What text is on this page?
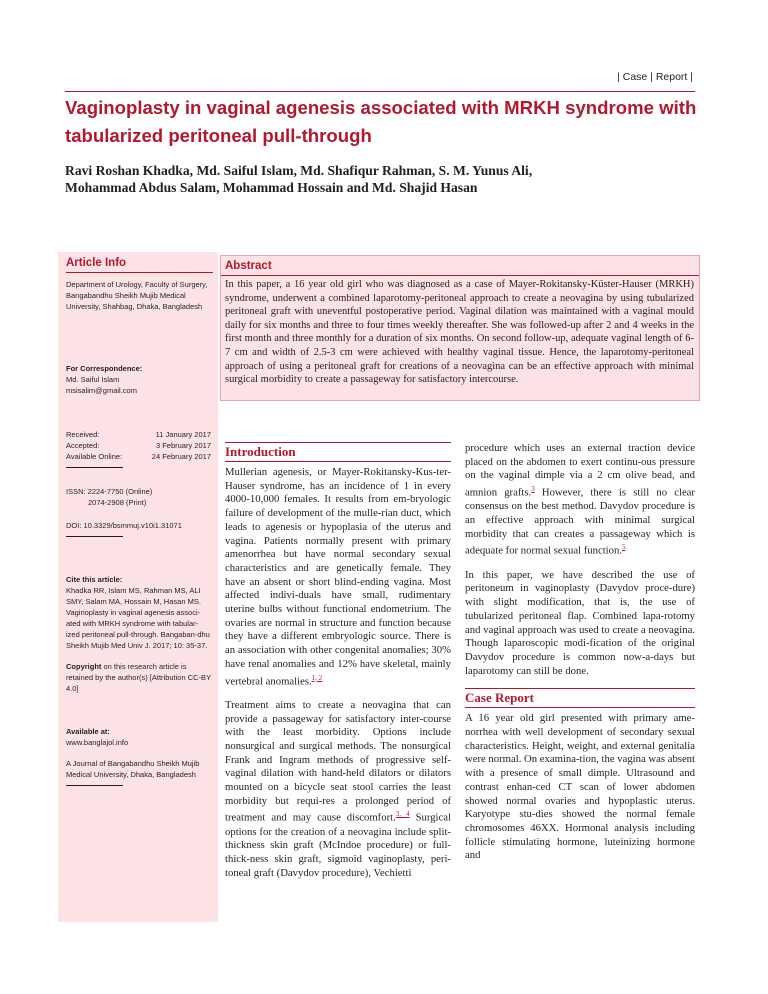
| Case | Report |
Vaginoplasty in vaginal agenesis associated with MRKH syndrome with tabularized peritoneal pull-through
Ravi Roshan Khadka, Md. Saiful Islam, Md. Shafiqur Rahman, S. M. Yunus Ali,
Mohammad Abdus Salam, Mohammad Hossain and Md. Shajid Hasan
Article Info

Department of Urology, Faculty of Surgery, Bangabandhu Sheikh Mujib Medical University, Shahbag, Dhaka, Bangladesh

For Correspondence:

Md. Saiful Islam

msisalim@gmail.com

Received:	11 January 2017
Accepted:	3 February 2017
Available Online:	24 February 2017

ISSN: 2224-7750 (Online)

2074-2908 (Print)

DOI: 10.3329/bsmmuj.v10i1.31071

Cite this article:

Khadka RR, Islam MS, Rahman MS, ALI SMY, Salam MA, Hossain M, Hasan MS. Vaginoplasty in vaginal agenesis associ-ated with MRKH syndrome with tabular-ized peritoneal pull-through. Bangaban-dhu Sheikh Mujib Med Univ J. 2017; 10: 35-37.

Copyright on this research article is retained by the author(s) [Attribution CC-BY 4.0]

Available at:

www.banglajol.info

A Journal of Bangabandhu Sheikh Mujib Medical University, Dhaka, Bangladesh

Abstract

In this paper, a 16 year old girl who was diagnosed as a case of Mayer-Rokitansky-Küster-Hauser (MRKH) syndrome, underwent a combined laparotomy-peritoneal approach to create a neovagina by using tubularized peritoneal graft with uneventful postoperative period. Vaginal dilation was maintained with a vaginal mould daily for six months and three to four times weekly thereafter. She was followed-up after 2 and 4 weeks in the first month and three monthly for a duration of six months. On second follow-up, adequate vaginal length of 6-7 cm and width of 2.5-3 cm were achieved with healthy vaginal tissue. Hence, the laparotomy-peritoneal approach of using a peritoneal graft for creations of a neovagina can be an effective approach with minimal surgical morbidity to create a passageway for satisfactory intercourse.

Introduction

Mullerian agenesis, or Mayer-Rokitansky-Kus-ter-Hauser syndrome, has an incidence of 1 in every 4000-10,000 females. It results from em-bryologic failure of development of the mulle-rian duct, which leads to agenesis or hypoplasia of the uterus and vagina. Patients normally present with primary amenorrhea but have normal secondary sexual characteristics and are genetically female. They have an absent or short blind-ending vagina. Most affected indivi-duals have small, rudimentary uterine bulbs without functional endometrium. The ovaries are normal in structure and function because they have a different embryologic source. There is an association with other congenital anomalies; 30% have renal anomalies and 12% have skeletal, mainly vertebral anomalies.$^{1, 2}$

Treatment aims to create a neovagina that can provide a passageway for satisfactory inter-course with the least morbidity. Options include nonsurgical and surgical methods. The nonsurgical Frank and Ingram methods of progressive self-vaginal dilation with hand-held dilators or dilators mounted on a bicycle seat stool carries the least morbidity but requi-res a prolonged period of treatment and may cause discomfort.$^{3, 4}$ Surgical options for the creation of a neovagina include split-thickness skin graft (McIndoe procedure) or full-thick-ness skin graft, sigmoid vaginoplasty, peri-toneal graft (Davydov procedure), Vechietti

procedure which uses an external traction device placed on the abdomen to exert continu-ous pressure on the vaginal dimple via a 2 cm olive bead, and amnion grafts.$^3$ However, there is still no clear consensus on the best method. Davydov procedure is an effective approach with minimal surgical morbidity that can creates a passageway which is adequate for normal sexual function.$^5$

In this paper, we have described the use of peritoneum in vaginoplasty (Davydov proce-dure) with slight modification, that is, the use of tubularized peritoneal flap. Combined lapa-rotomy and vaginal approach was used to create a neovagina. Though laparoscopic modi-fication of the original Davydov procedure is common now-a-days but laparotomy can still be done.

Case Report

A 16 year old girl presented with primary ame-norrhea with well development of secondary sexual characteristics. Height, weight, and external genitalia were normal. On examina-tion, the vagina was absent with a presence of small dimple. Ultrasound and contrast enhan-ced CT scan of lower abdomen showed normal ovaries and hypoplastic uterus. Karyotype stu-dies showed the normal female chromosomes 46XX. Hormonal analysis including follicle stimulating hormone, luteinizing hormone and
